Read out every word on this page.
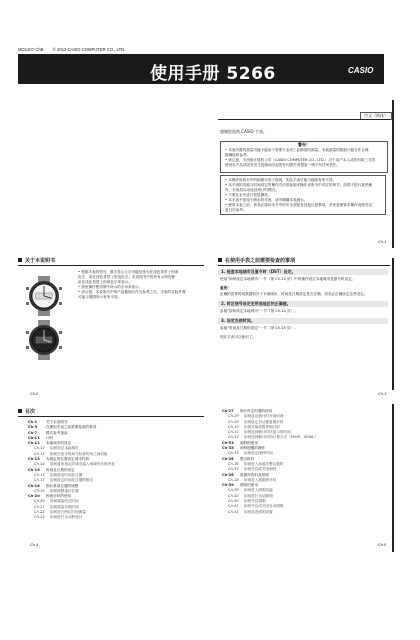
MO1207-ChB © 2012 CASIO COMPUTER CO., LTD.
使用手册 5266	CASIO
中文（简体）
感谢您选购 CASIO 手表。
警告！
• 本表内置的测量功能不能用于需要专业或工业精度的测量。本表测量的数值只能当作合理
精确值的参考。
• 请注意，卡西欧计算机公司（CASIO COMPUTER CO., LTD.）对于用户本人或任何第三方因
使用本产品或因其发生故障而引起的任何损失或损害一律不负任何责任。
• 本操作说明书中的插图仅用于说明，实际手表可能与插图有所不同。
• 本手表的功能与时间设定等操作方法请参阅本操作说明书中对应的章节。如果不进行某些操
作，手表将自动返回到计时模式。
• 不要在水中进行按钮操作。
• 本手表不是用于潜水的手表，请勿佩戴本表潜水。
• 使用本表之前，请务必阅读本书中的安全须知及其他注意事项，并妥善保管本操作说明书以
备日后参考。
Ch-1
关于本说明书
• 根据手表的型号，数字显示文字可能呈现为在浅色背景上的深
色字，或在深色背景上的浅色字。本说明书中的所有示例均使
用在浅色背景上的深色字来表示。
• 按钮操作使用图中所示的字母来表示。
• 请注意，本说明书中的产品插图仅作为参考之用，手表的实际外观
可能与插图所示有所不同。
Ch-2
在使用手表之前需要检查的事项
1. 检查本地城市及夏令时（DST）设定。
使用“如何设定本地城市”一节（第 Ch-12 页）中的操作设定本地城市及夏令时设定。
重要！
正确的世界时间数据取决于本地城市、时间及日期设定是否正确。请务必正确设定这些设定。
2. 时区信号设定至所选地区的正确值。
参阅“如何设定本地城市”一节（第 Ch-14 页）。
3. 设定当前时间。
参阅“时间及日期的设定”一节（第 Ch-15 页）。
现在手表可以使用了。
Ch-3
目次
Ch-1 关于本说明书
Ch-3 在使用手表之前需要检查的事项
Ch-7 模式参考指南
Ch-11 计时
Ch-12 本地城市的设定
Ch-12 如何设定本地城市
Ch-13 如何在夏令时间与标准时间之间切换
Ch-14 为指定的位置设定城市代码
Ch-14 如何将所指定的城市编入到城市代码列表
Ch-15 时间及日期的设定
Ch-15 如何改变时间及日期
Ch-17 如何设定时间及日期的格式
Ch-18 指针基准位置的调整
Ch-19 如何调整指针位置
Ch-20 秒表计时的使用
Ch-20 如何测量经过时间
Ch-21 如何测量分段时间
Ch-22 如何进行两位时间测量
Ch-25 如何进行自动秒表计
Ch-27 倒计时定时器的使用
Ch-29 如何设定倒计时开始时间
Ch-29 如何设定自动重复倒计时
Ch-30 如何开始或暂停倒计时
Ch-31 如何选择倒计时所显示的时间
Ch-32 如何选择倒计时的计算方式（FAUR、ISHAL）
Ch-33 闹钟的使用
Ch-35 闹钟提醒的操作
Ch-35 如何设定闹钟时间
Ch-36 整点报时
Ch-36 如何进入和退出整点报时
Ch-37 如何开启或关闭闹钟
Ch-38 数据库资料及照明
Ch-38 如何进入数据库计时
Ch-39 照明的使用
Ch-39 如何进入照明功能
Ch-40 如何进行自动照明
Ch-40 如何开启照明
Ch-41 如何开启或关闭自动照明
Ch-41 如何检查照明设置
Ch-4	Ch-5
